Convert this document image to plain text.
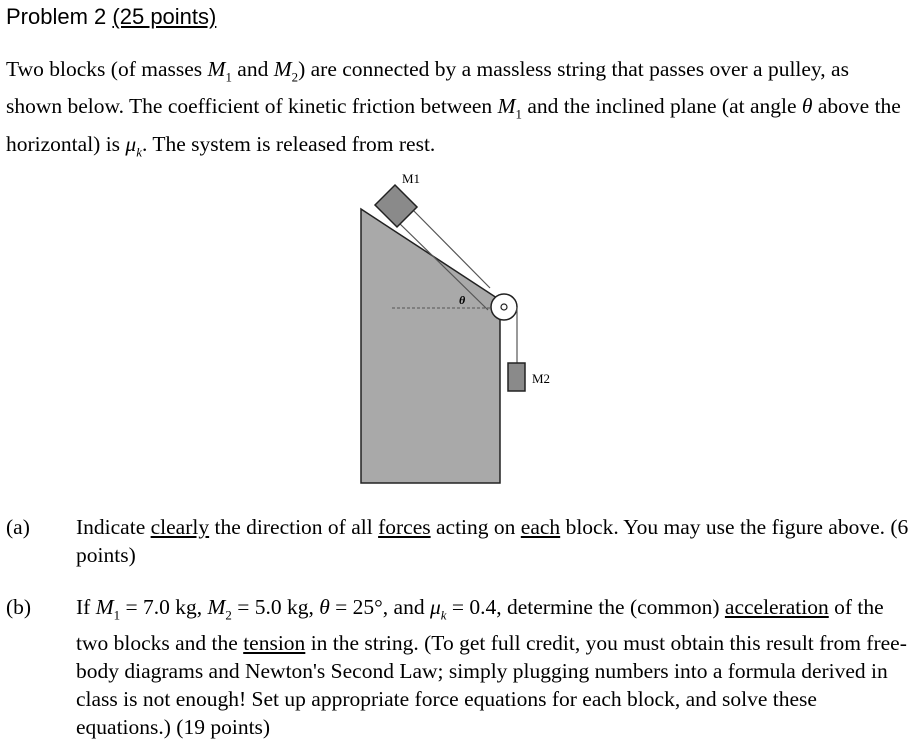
Problem 2 (25 points)

Two blocks (of masses $M_1$ and $M_2$) are connected by a massless string that passes over a pulley, as shown below. The coefficient of kinetic friction between $M_1$ and the inclined plane (at angle θ above the horizontal) is $\mu_k$. The system is released from rest.

M1
θ
M2
(a) Indicate clearly the direction of all forces acting on each block. You may use the figure above. (6 points)

(b) If $M_1 = 7.0$ kg, $M_2 = 5.0$ kg, θ = 25°, and $\mu_k = 0.4$, determine the (common) acceleration of the two blocks and the tension in the string. (To get full credit, you must obtain this result from free-body diagrams and Newton's Second Law; simply plugging numbers into a formula derived in class is not enough! Set up appropriate force equations for each block, and solve these equations.) (19 points)
